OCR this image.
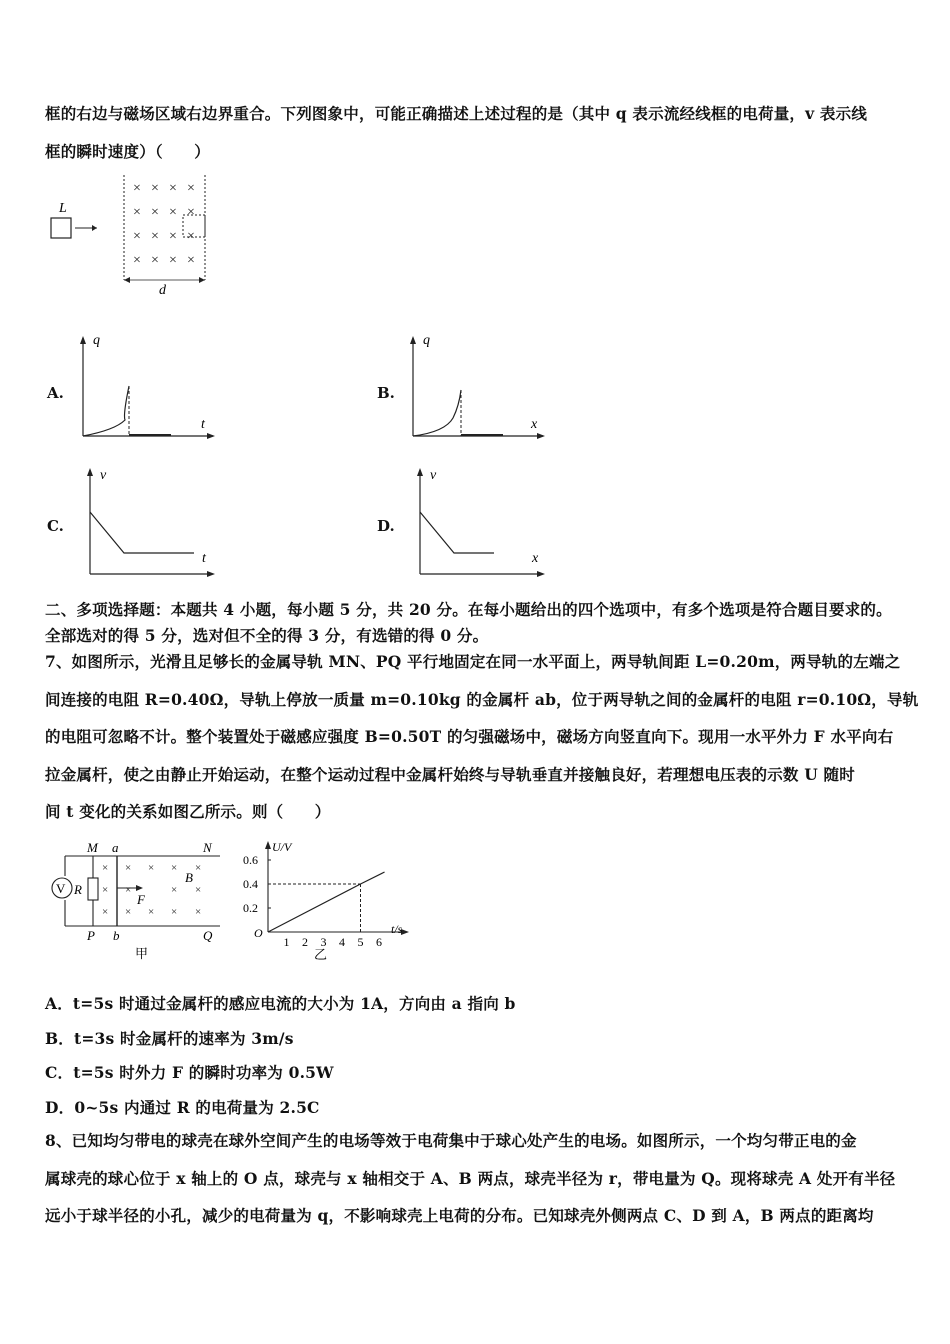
框的右边与磁场区域右边界重合。下列图象中，可能正确描述上述过程的是（其中 q 表示流经线框的电荷量，v 表示线
框的瞬时速度）（　　）
L
× × × ×
× × × ×
× × × ×
× × × ×
d
A.
q
t
B.
q
x
C.
v
t
D.
v
x
二、多项选择题：本题共 4 小题，每小题 5 分，共 20 分。在每小题给出的四个选项中，有多个选项是符合题目要求的。
全部选对的得 5 分，选对但不全的得 3 分，有选错的得 0 分。
7、如图所示，光滑且足够长的金属导轨 MN、PQ 平行地固定在同一水平面上，两导轨间距 L=0.20m，两导轨的左端之
间连接的电阻 R=0.40Ω，导轨上停放一质量 m=0.10kg 的金属杆 ab，位于两导轨之间的金属杆的电阻 r=0.10Ω，导轨
的电阻可忽略不计。整个装置处于磁感应强度 B=0.50T 的匀强磁场中，磁场方向竖直向下。现用一水平外力 F 水平向右
拉金属杆，使之由静止开始运动，在整个运动过程中金属杆始终与导轨垂直并接触良好，若理想电压表的示数 U 随时
间 t 变化的关系如图乙所示。则（　　）
V R
M a	N
P b	Q
× × × × ×
× ×	× ×
× × × × ×
F
B
甲
U/V
t/s
O
1 2 3 4 5 6
0.2
0.4
0.6
乙
A．t=5s 时通过金属杆的感应电流的大小为 1A，方向由 a 指向 b
B．t=3s 时金属杆的速率为 3m/s
C．t=5s 时外力 F 的瞬时功率为 0.5W
D．0~5s 内通过 R 的电荷量为 2.5C
8、已知均匀带电的球壳在球外空间产生的电场等效于电荷集中于球心处产生的电场。如图所示，一个均匀带正电的金
属球壳的球心位于 x 轴上的 O 点，球壳与 x 轴相交于 A、B 两点，球壳半径为 r，带电量为 Q。现将球壳 A 处开有半径
远小于球半径的小孔，减少的电荷量为 q，不影响球壳上电荷的分布。已知球壳外侧两点 C、D 到 A，B 两点的距离均
